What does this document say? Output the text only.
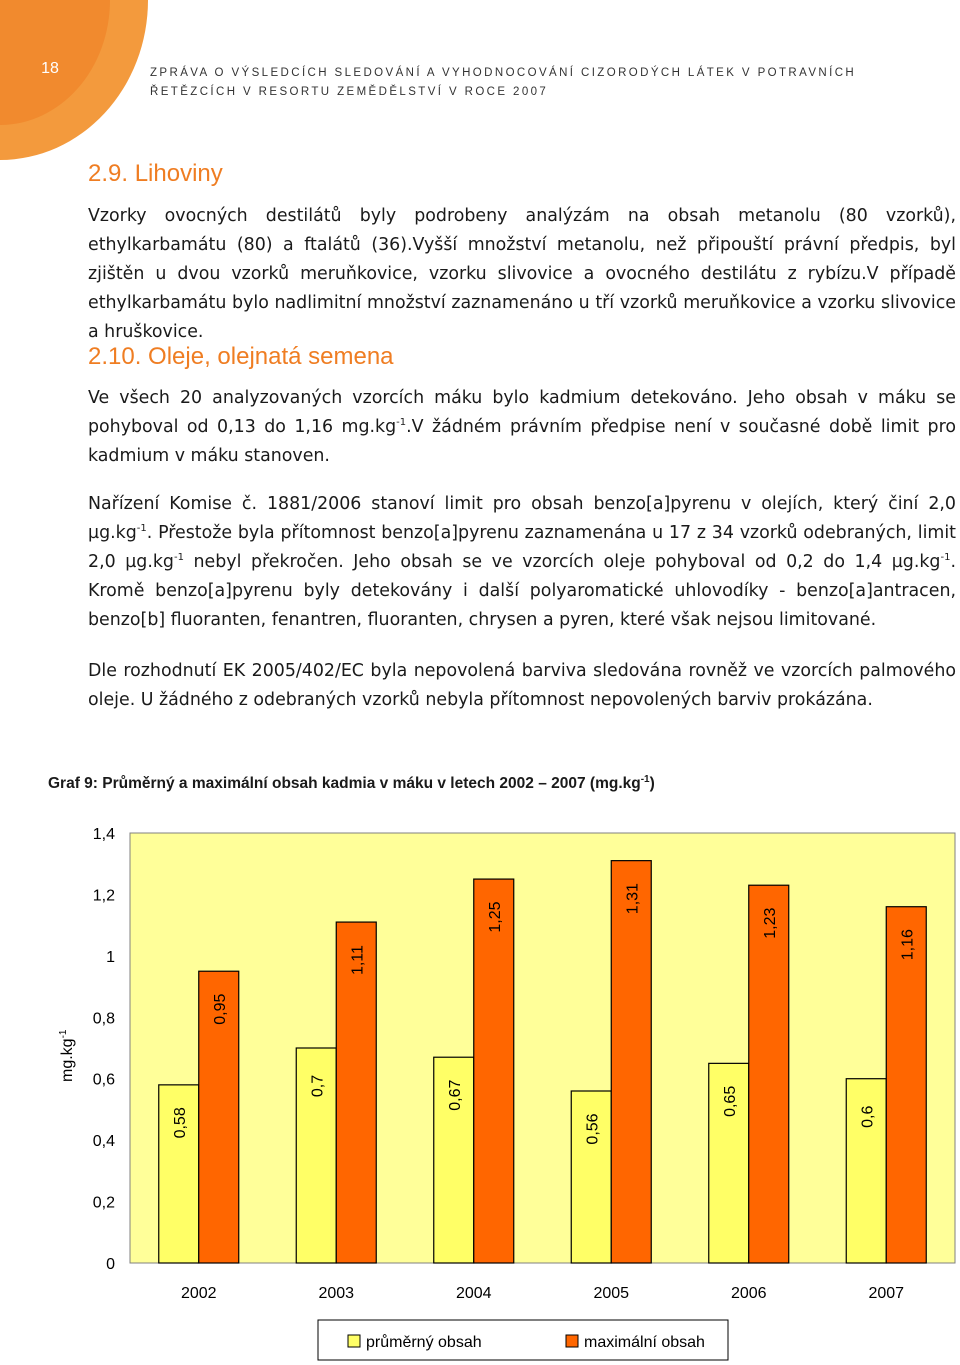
18	ZPRÁVA O VÝSLEDCÍCH SLEDOVÁNÍ A VYHODNOCOVÁNÍ CIZORODÝCH LÁTEK V POTRAVNÍCH ŘETĚZCÍCH V RESORTU ZEMĚDĚLSTVÍ V ROCE 2007
2.9. Lihoviny
Vzorky ovocných destilátů byly podrobeny analýzám na obsah metanolu (80 vzorků), ethylkarbamátu (80) a ftalátů (36).Vyšší množství metanolu, než připouští právní předpis, byl zjištěn u dvou vzorků meruňkovice, vzorku slivovice a ovocného destilátu z rybízu.V případě ethylkarbamátu bylo nadlimitní množství zaznamenáno u tří vzorků meruňkovice a vzorku slivovice a hruškovice.
2.10. Oleje, olejnatá semena
Ve všech 20 analyzovaných vzorcích máku bylo kadmium detekováno. Jeho obsah v máku se pohyboval od 0,13 do 1,16 $mg.kg^{-1}.V$ žádném právním předpise není v současné době limit pro kadmium v máku stanoven.
Nařízení Komise č. 1881/2006 stanoví limit pro obsah benzo[a]pyrenu v olejích, který činí 2,0 $\mu g.kg^{-1}$. Přestože byla přítomnost benzo[a]pyrenu zaznamenána u 17 z 34 vzorků odebraných, limit 2,0 $\mu g.kg^{-1}$ nebyl překročen. Jeho obsah se ve vzorcích oleje pohyboval od 0,2 do 1,4 $\mu g.kg^{-1}$. Kromě benzo[a]pyrenu byly detekovány i další polyaromatické uhlovodíky - benzo[a]antracen, benzo[b] fluoranten, fenantren, fluoranten, chrysen a pyren, které však nejsou limitované.
Dle rozhodnutí EK 2005/402/EC byla nepovolená barviva sledována rovněž ve vzorcích palmového oleje. U žádného z odebraných vzorků nebyla přítomnost nepovolených barviv prokázána.
Graf 9: Průměrný a maximální obsah kadmia v máku v letech 2002 – 2007 $(mg.kg^{-1})$
0
0,2
0,4
0,6
0,8
1
1,2
1,4
$mg.kg^{-1}$
0,58
0,95
2002
0,7
1,11
2003
0,67
1,25
2004
0,56
1,31
2005
0,65
1,23
2006
0,6
1,16
2007
průměrný obsah	maximální obsah
